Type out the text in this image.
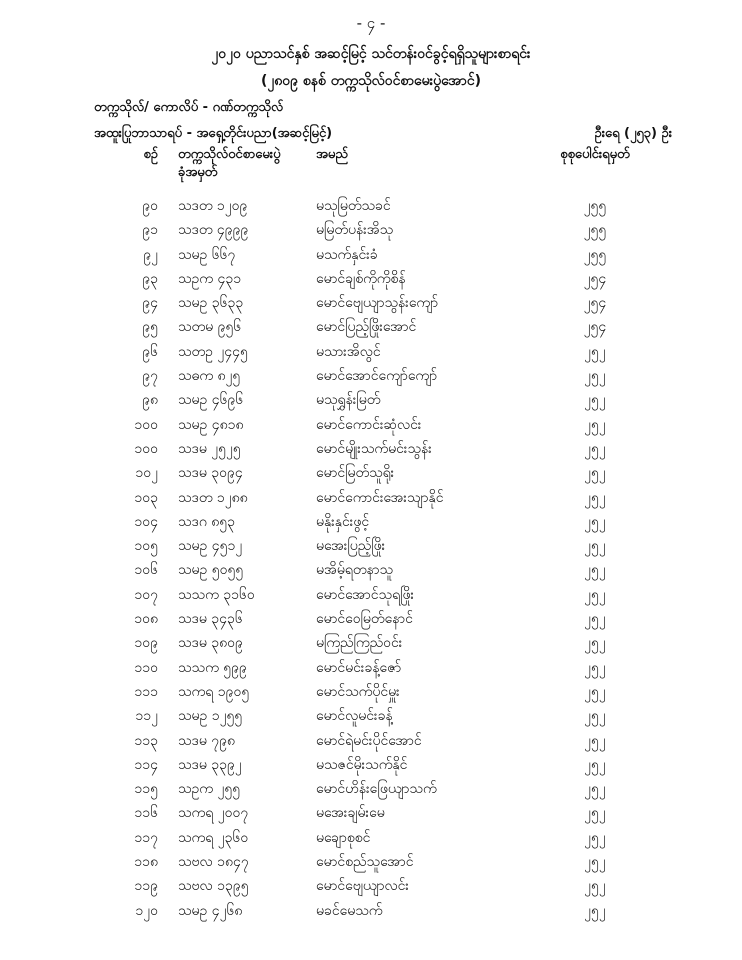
- ၄ -
၂၀၂၀ ပညာသင်နှစ် အဆင့်မြင့် သင်တန်းဝင်ခွင့်ရရှိသူများစာရင်း
(၂၈၀၉ စနစ် တက္ကသိုလ်ဝင်စာမေးပွဲအောင်)
တက္ကသိုလ်/ ကောလိပ် - ဂဏ်တက္ကသိုလ်
အထူးပြုဘာသာရပ် - အရှေ့တိုင်းပညာ(အဆင့်မြင့်)	ဦးရေ (၂၅၃) ဦး
စဉ် တက္ကသိုလ်ဝင်စာမေးပွဲ	အမည်	စုစုပေါင်းရမှတ်
ခုံအမှတ်
၉၀ သဒတ ၁၂၀၉	မသုမြတ်သခင်	၂၅၅
၉၁ သဒတ ၄၉၉၉	မမြတ်ပန်းအိသု	၂၅၅
၉၂ သမဥ ၆၆၇	မသက်နှင်းခံ	၂၅၅
၉၃ သဥက ၄၃၁	မောင်ချစ်ကိုကိုစိန်	၂၅၄
၉၄ သမဥ ၃၆၃၃	မောင်ဗျေယျာသွန်းကျော်	၂၅၄
၉၅ သတမ ၉၅၆	မောင်ပြည့်ဖြိုးအောင်	၂၅၄
၉၆ သတဥ ၂၄၄၅	မသားအိလွင်	၂၅၂
၉၇ သဓက ၈၂၅	မောင်အောင်ကျော်ကျော်	၂၅၂
၉၈ သမဥ ၄၆၉၆	မသုရွှန်းမြတ်	၂၅၂
၁၀၀ သမဥ ၄၈၁၈	မောင်ကောင်းဆုံလင်း	၂၅၂
၁၀၀ သဒမ ၂၅၂၅	မောင်မျိုးသက်မင်းသွန်း	၂၅၂
၁၀၂ သဒမ ၃၀၉၄	မောင်မြတ်သူရိုး	၂၅၂
၁၀၃ သဒတ ၁၂၈၈	မောင်ကောင်းအေးသျာနိုင်	၂၅၂
၁၀၄ သဒဂ ၈၅၃	မနိုးနှင်းဖွင့်	၂၅၂
၁၀၅ သမဥ ၄၅၁၂	မအေးပြည့်ဖြိုး	၂၅၂
၁၀၆ သမဥ ၅၀၅၅	မအိမ့်ရတနာသူ	၂၅၂
၁၀၇ သသက ၃၁၆၀	မောင်အောင်သုရဖြိုး	၂၅၂
၁၀၈ သဒမ ၃၄၃၆	မောင်ဝေမြတ်နောင်	၂၅၂
၁၀၉ သဒမ ၃၈၀၉	မကြည်ကြည်ဝင်း	၂၅၂
၁၁၀ သသက ၅၉၉	မောင်မင်းခန့်ဇော်	၂၅၂
၁၁၁ သကရ ၁၉၀၅	မောင်သက်ပိုင်မှူး	၂၅၂
၁၁၂ သမဥ ၁၂၅၅	မောင်လူမင်းခန့်	၂၅၂
၁၁၃ သဒမ ၇၉၈	မောင်ရဲမင်းပိုင်အောင်	၂၅၂
၁၁၄ သဒမ ၃၃၉၂	မသဇင်မိုးသက်နိုင်	၂၅၂
၁၁၅ သဥက ၂၅၅	မောင်ဟိန်းဖြေယျာသက်	၂၅၂
၁၁၆ သကရ ၂၀၀၇	မအေးချမ်းမေ	၂၅၂
၁၁၇ သကရ ၂၃၆၀	မချောစုစင်	၂၅၂
၁၁၈ သဗလ ၁၈၄၇	မောင်စည်သူအောင်	၂၅၂
၁၁၉ သဗလ ၁၃၉၅	မောင်ဗျေယျာလင်း	၂၅၂
၁၂၀ သမဥ ၄၂၆၈	မခင်မေသက်	၂၅၂
